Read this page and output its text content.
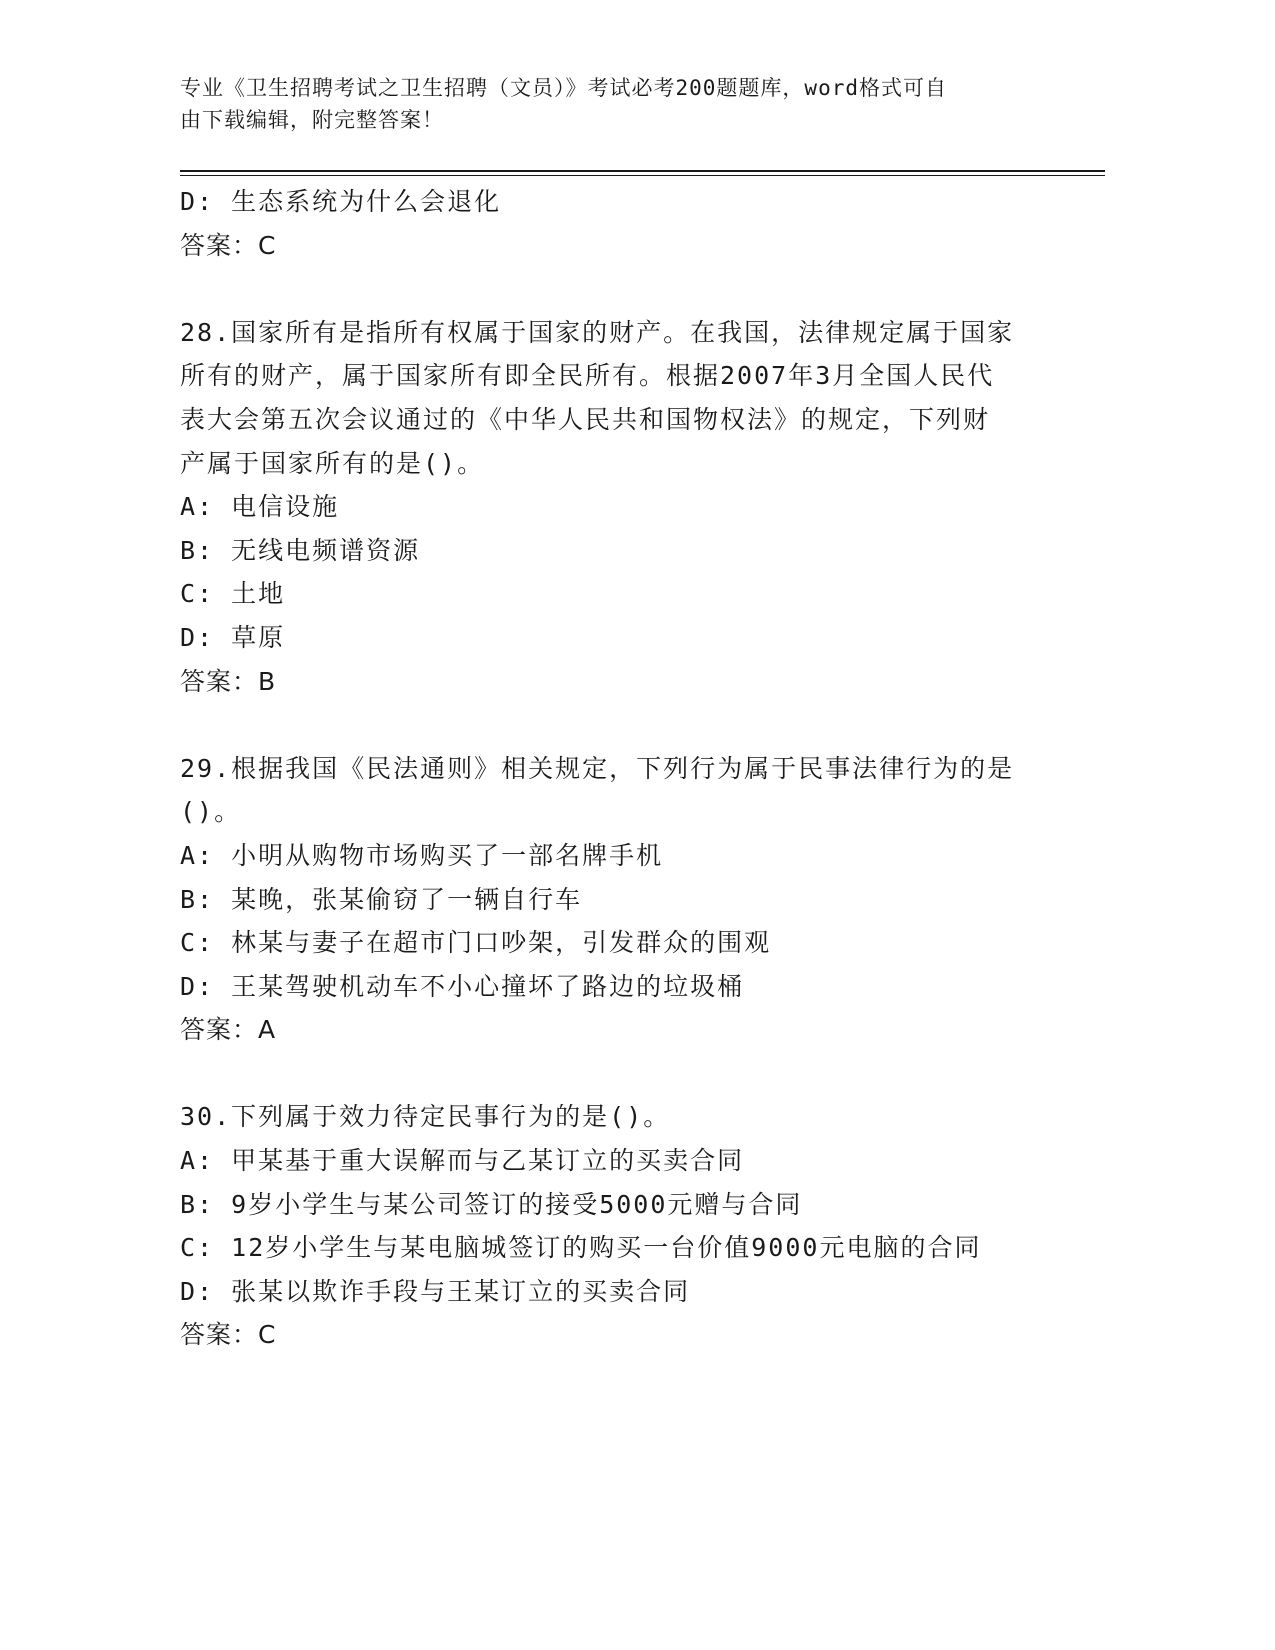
专业《卫生招聘考试之卫生招聘（文员）》考试必考200题题库，word格式可自
由下载编辑，附完整答案！
D: 生态系统为什么会退化
答案：C
28.国家所有是指所有权属于国家的财产。在我国，法律规定属于国家
所有的财产，属于国家所有即全民所有。根据2007年3月全国人民代
表大会第五次会议通过的《中华人民共和国物权法》的规定，下列财
产属于国家所有的是()。
A: 电信设施
B: 无线电频谱资源
C: 土地
D: 草原
答案：B
29.根据我国《民法通则》相关规定，下列行为属于民事法律行为的是
()。
A: 小明从购物市场购买了一部名牌手机
B: 某晚，张某偷窃了一辆自行车
C: 林某与妻子在超市门口吵架，引发群众的围观
D: 王某驾驶机动车不小心撞坏了路边的垃圾桶
答案：A
30.下列属于效力待定民事行为的是()。
A: 甲某基于重大误解而与乙某订立的买卖合同
B: 9岁小学生与某公司签订的接受5000元赠与合同
C: 12岁小学生与某电脑城签订的购买一台价值9000元电脑的合同
D: 张某以欺诈手段与王某订立的买卖合同
答案：C
